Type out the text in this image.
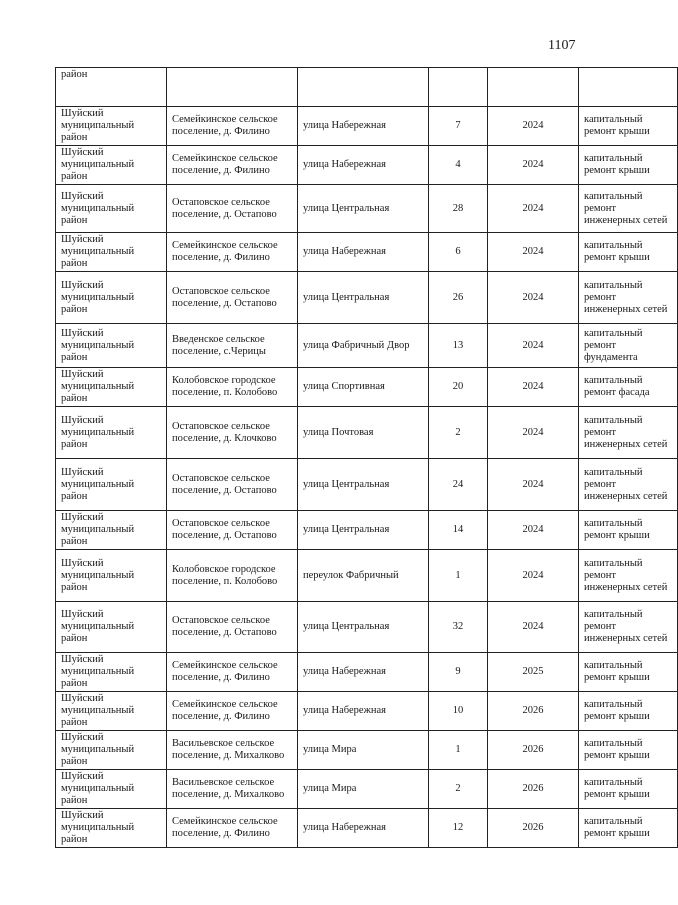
1107
район					
Шуйский муниципальный район	Семейкинское сельское поселение, д. Филино	улица Набережная	7	2024	капитальный ремонт крыши
Шуйский муниципальный район	Семейкинское сельское поселение, д. Филино	улица Набережная	4	2024	капитальный ремонт крыши
Шуйский муниципальный район	Остаповское сельское поселение, д. Остапово	улица Центральная	28	2024	капитальный ремонт инженерных сетей
Шуйский муниципальный район	Семейкинское сельское поселение, д. Филино	улица Набережная	6	2024	капитальный ремонт крыши
Шуйский муниципальный район	Остаповское сельское поселение, д. Остапово	улица Центральная	26	2024	капитальный ремонт инженерных сетей
Шуйский муниципальный район	Введенское сельское поселение, с.Черицы	улица Фабричный Двор	13	2024	капитальный ремонт фундамента
Шуйский муниципальный район	Колобовское городское поселение, п. Колобово	улица Спортивная	20	2024	капитальный ремонт фасада
Шуйский муниципальный район	Остаповское сельское поселение, д. Клочково	улица Почтовая	2	2024	капитальный ремонт инженерных сетей
Шуйский муниципальный район	Остаповское сельское поселение, д. Остапово	улица Центральная	24	2024	капитальный ремонт инженерных сетей
Шуйский муниципальный район	Остаповское сельское поселение, д. Остапово	улица Центральная	14	2024	капитальный ремонт крыши
Шуйский муниципальный район	Колобовское городское поселение, п. Колобово	переулок Фабричный	1	2024	капитальный ремонт инженерных сетей
Шуйский муниципальный район	Остаповское сельское поселение, д. Остапово	улица Центральная	32	2024	капитальный ремонт инженерных сетей
Шуйский муниципальный район	Семейкинское сельское поселение, д. Филино	улица Набережная	9	2025	капитальный ремонт крыши
Шуйский муниципальный район	Семейкинское сельское поселение, д. Филино	улица Набережная	10	2026	капитальный ремонт крыши
Шуйский муниципальный район	Васильевское сельское поселение, д. Михалково	улица Мира	1	2026	капитальный ремонт крыши
Шуйский муниципальный район	Васильевское сельское поселение, д. Михалково	улица Мира	2	2026	капитальный ремонт крыши
Шуйский муниципальный район	Семейкинское сельское поселение, д. Филино	улица Набережная	12	2026	капитальный ремонт крыши
